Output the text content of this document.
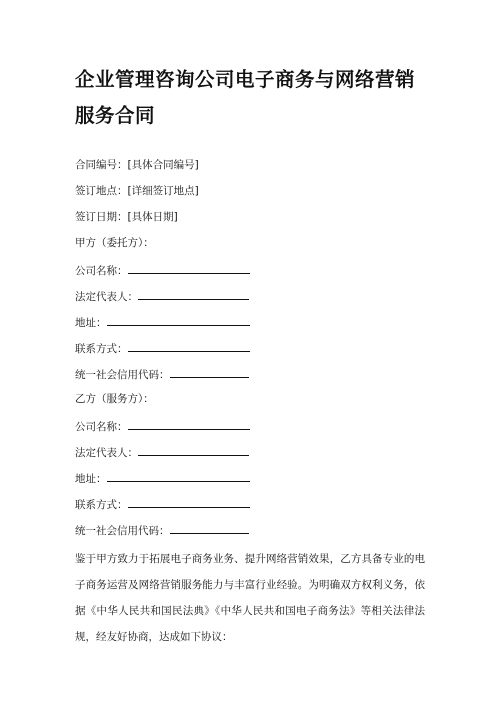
企业管理咨询公司电子商务与网络营销
服务合同
合同编号：[具体合同编号]
签订地点：[详细签订地点]
签订日期：[具体日期]
甲方（委托方）：
公司名称：
法定代表人：
地址：
联系方式：
统一社会信用代码：
乙方（服务方）：
公司名称：
法定代表人：
地址：
联系方式：
统一社会信用代码：
鉴于甲方致力于拓展电子商务业务、提升网络营销效果，乙方具备专业的电子商务运营及网络营销服务能力与丰富行业经验。为明确双方权利义务，依据《中华人民共和国民法典》《中华人民共和国电子商务法》等相关法律法规，经友好协商，达成如下协议：
